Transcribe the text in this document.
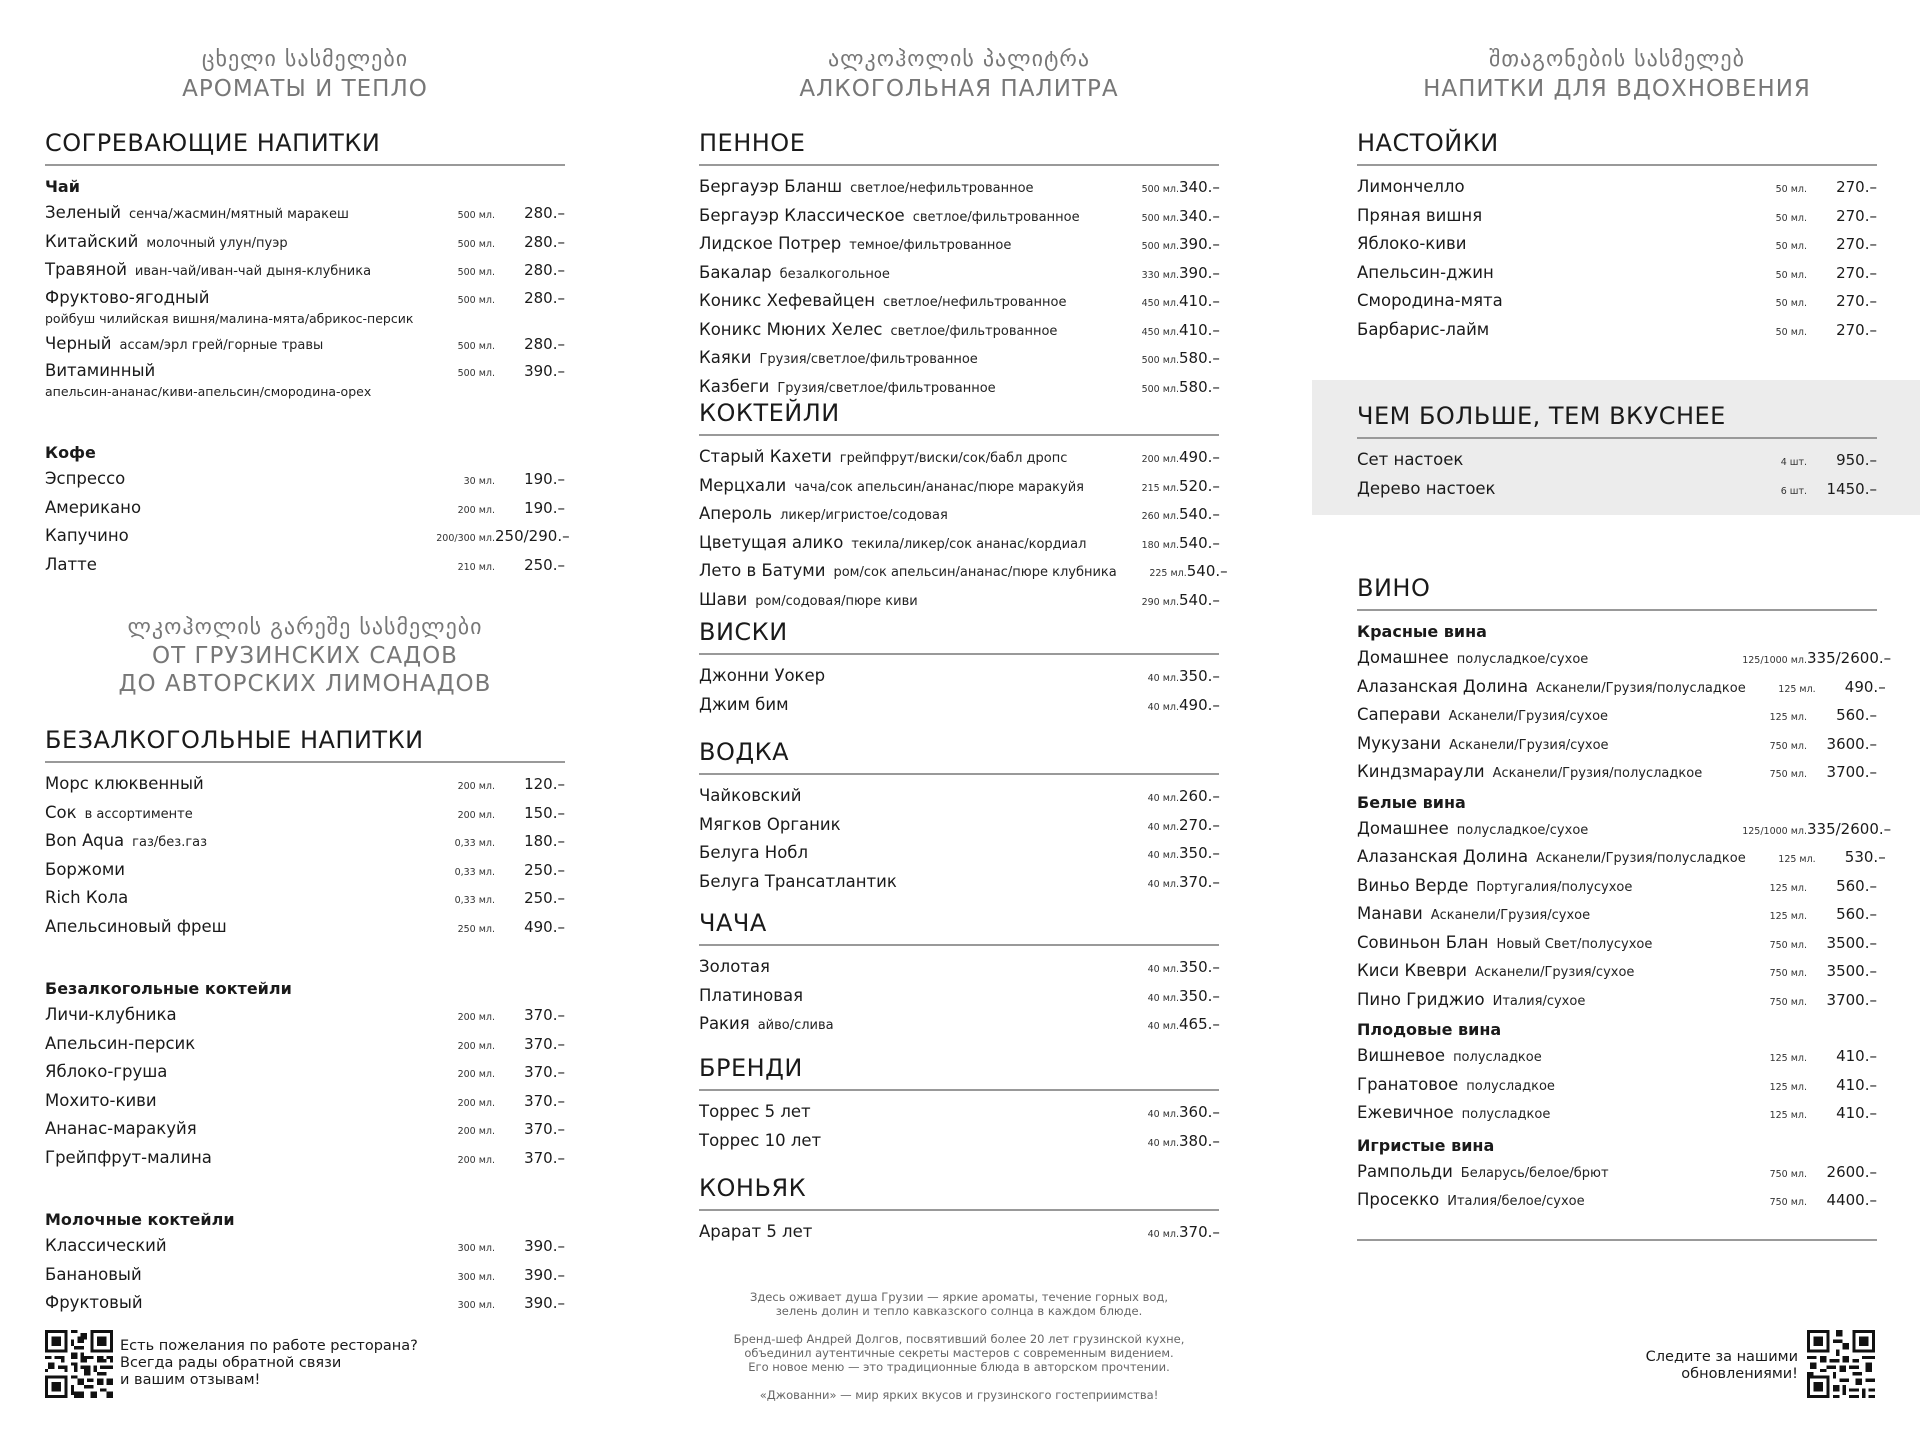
ცხელი სასმელები
АРОМАТЫ И ТЕПЛО
СОГРЕВАЮЩИЕ НАПИТКИ
Чай
Зеленый сенча/жасмин/мятный маракеш	500 мл.	280.–
Китайский молочный улун/пуэр	500 мл.	280.–
Травяной иван-чай/иван-чай дыня-клубника	500 мл.	280.–
Фруктово-ягодный	500 мл.	280.–
ройбуш чилийская вишня/малина-мята/абрикос-персик
Черный ассам/эрл грей/горные травы	500 мл.	280.–
Витаминный	500 мл.	390.–
апельсин-ананас/киви-апельсин/смородина-орех
Кофе
Эспрессо	30 мл.	190.–
Американо	200 мл.	190.–
Капучино	200/300 мл. 250/290.–
Латте	210 мл.	250.–
ლკოჰოლის გარეშე სასმელები
ОТ ГРУЗИНСКИХ САДОВ
ДО АВТОРСКИХ ЛИМОНАДОВ
БЕЗАЛКОГОЛЬНЫЕ НАПИТКИ
Морс клюквенный	200 мл.	120.–
Сок в ассортименте	200 мл.	150.–
Bon Aqua газ/без.газ	0,33 мл.	180.–
Боржоми	0,33 мл.	250.–
Rich Кола	0,33 мл.	250.–
Апельсиновый фреш	250 мл.	490.–
Безалкогольные коктейли
Личи-клубника	200 мл.	370.–
Апельсин-персик	200 мл.	370.–
Яблоко-груша	200 мл.	370.–
Мохито-киви	200 мл.	370.–
Ананас-маракуйя	200 мл.	370.–
Грейпфрут-малина	200 мл.	370.–
Молочные коктейли
Классический	300 мл.	390.–
Банановый	300 мл.	390.–
Фруктовый	300 мл.	390.–
ალკოჰოლის პალიტრა
АЛКОГОЛЬНАЯ ПАЛИТРА
ПЕННОЕ
Бергауэр Бланш светлое/нефильтрованное	500 мл. 340.–
Бергауэр Классическое светлое/фильтрованное	500 мл. 340.–
Лидское Потрер темное/фильтрованное	500 мл. 390.–
Бакалар безалкогольное	330 мл. 390.–
Коникс Хефевайцен светлое/нефильтрованное	450 мл. 410.–
Коникс Мюних Хелес светлое/фильтрованное	450 мл. 410.–
Каяки Грузия/светлое/фильтрованное	500 мл. 580.–
Казбеги Грузия/светлое/фильтрованное	500 мл. 580.–
КОКТЕЙЛИ
Старый Кахети грейпфрут/виски/сок/бабл дропс	200 мл. 490.–
Мерцхали чача/сок апельсин/ананас/пюре маракуйя	215 мл. 520.–
Апероль ликер/игристое/содовая	260 мл. 540.–
Цветущая алико текила/ликер/сок ананас/кордиал	180 мл. 540.–
Лето в Батуми ром/сок апельсин/ананас/пюре клубника	225 мл. 540.–
Шави ром/содовая/пюре киви	290 мл. 540.–
ВИСКИ
Джонни Уокер	40 мл. 350.–
Джим бим	40 мл. 490.–
ВОДКА
Чайковский	40 мл. 260.–
Мягков Органик	40 мл. 270.–
Белуга Нобл	40 мл. 350.–
Белуга Трансатлантик	40 мл. 370.–
ЧАЧА
Золотая	40 мл. 350.–
Платиновая	40 мл. 350.–
Ракия айво/слива	40 мл. 465.–
БРЕНДИ
Торрес 5 лет	40 мл. 360.–
Торрес 10 лет	40 мл. 380.–
КОНЬЯК
Арарат 5 лет	40 мл. 370.–

Здесь оживает душа Грузии — яркие ароматы, течение горных вод,
зелень долин и тепло кавказского солнца в каждом блюде.

Бренд-шеф Андрей Долгов, посвятивший более 20 лет грузинской кухне,
объединил аутентичные секреты мастеров с современным видением.
Его новое меню — это традиционные блюда в авторском прочтении.

«Джованни» — мир ярких вкусов и грузинского гостеприимства!

შთაგონების სასმელებ
НАПИТКИ ДЛЯ ВДОХНОВЕНИЯ
НАСТОЙКИ
Лимончелло	50 мл.	270.–
Пряная вишня	50 мл.	270.–
Яблоко-киви	50 мл.	270.–
Апельсин-джин	50 мл.	270.–
Смородина-мята	50 мл.	270.–
Барбарис-лайм	50 мл.	270.–
ЧЕМ БОЛЬШЕ, ТЕМ ВКУСНЕЕ
Сет настоек	4 шт.	950.–
Дерево настоек	6 шт.	1450.–
ВИНО
Красные вина
Домашнее полусладкое/сухое	125/1000 мл. 335/2600.–
Алазанская Долина Асканели/Грузия/полусладкое	125 мл.	490.–
Саперави Асканели/Грузия/сухое	125 мл.	560.–
Мукузани Асканели/Грузия/сухое	750 мл.	3600.–
Киндзмараули Асканели/Грузия/полусладкое	750 мл.	3700.–
Белые вина
Домашнее полусладкое/сухое	125/1000 мл. 335/2600.–
Алазанская Долина Асканели/Грузия/полусладкое	125 мл.	530.–
Виньо Верде Португалия/полусухое	125 мл.	560.–
Манави Асканели/Грузия/сухое	125 мл.	560.–
Совиньон Блан Новый Свет/полусухое	750 мл.	3500.–
Киси Квеври Асканели/Грузия/сухое	750 мл.	3500.–
Пино Гриджио Италия/сухое	750 мл.	3700.–
Плодовые вина
Вишневое полусладкое	125 мл.	410.–
Гранатовое полусладкое	125 мл.	410.–
Ежевичное полусладкое	125 мл.	410.–
Игристые вина
Рампольди Беларусь/белое/брют	750 мл.	2600.–
Просекко Италия/белое/сухое	750 мл.	4400.–
Есть пожелания по работе ресторана?
Всегда рады обратной связи
и вашим отзывам!
Следите за нашими
обновлениями!
